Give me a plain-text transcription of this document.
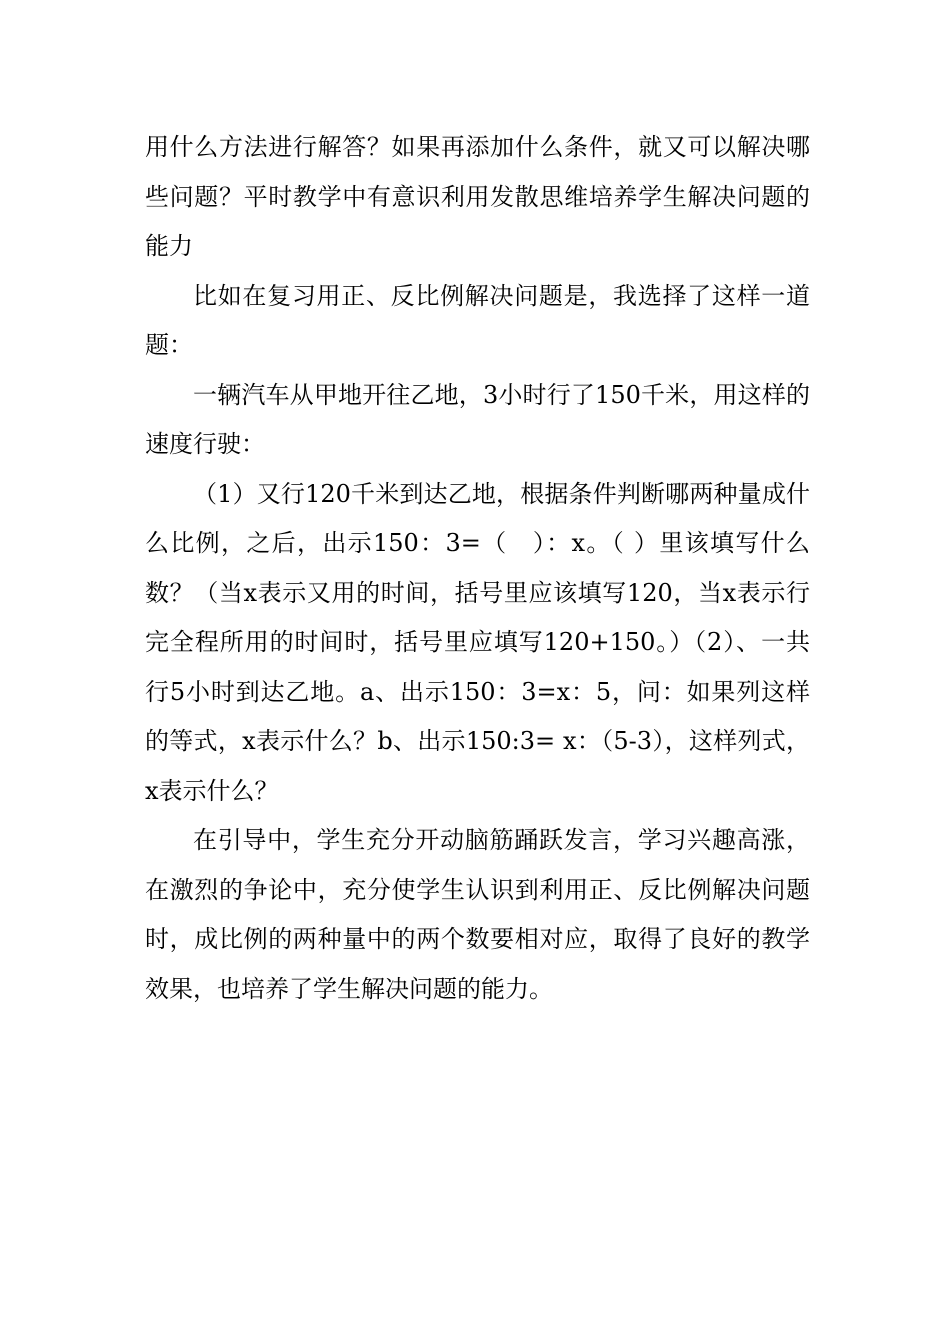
用什么方法进行解答？如果再添加什么条件，就又可以解决哪些问题？平时教学中有意识利用发散思维培养学生解决问题的能力

比如在复习用正、反比例解决问题是，我选择了这样一道题：

一辆汽车从甲地开往乙地，3小时行了150千米，用这样的速度行驶：

（1）又行120千米到达乙地，根据条件判断哪两种量成什么比例，之后，出示150：3=（　）：x。（ ）里该填写什么数？（当x表示又用的时间，括号里应该填写120，当x表示行完全程所用的时间时，括号里应填写120+150。）（2）、一共行5小时到达乙地。a、出示150：3=x：5，问：如果列这样的等式，x表示什么？b、出示150:3= x：（5-3），这样列式，x表示什么？

在引导中，学生充分开动脑筋踊跃发言，学习兴趣高涨，在激烈的争论中，充分使学生认识到利用正、反比例解决问题时，成比例的两种量中的两个数要相对应，取得了良好的教学效果，也培养了学生解决问题的能力。
